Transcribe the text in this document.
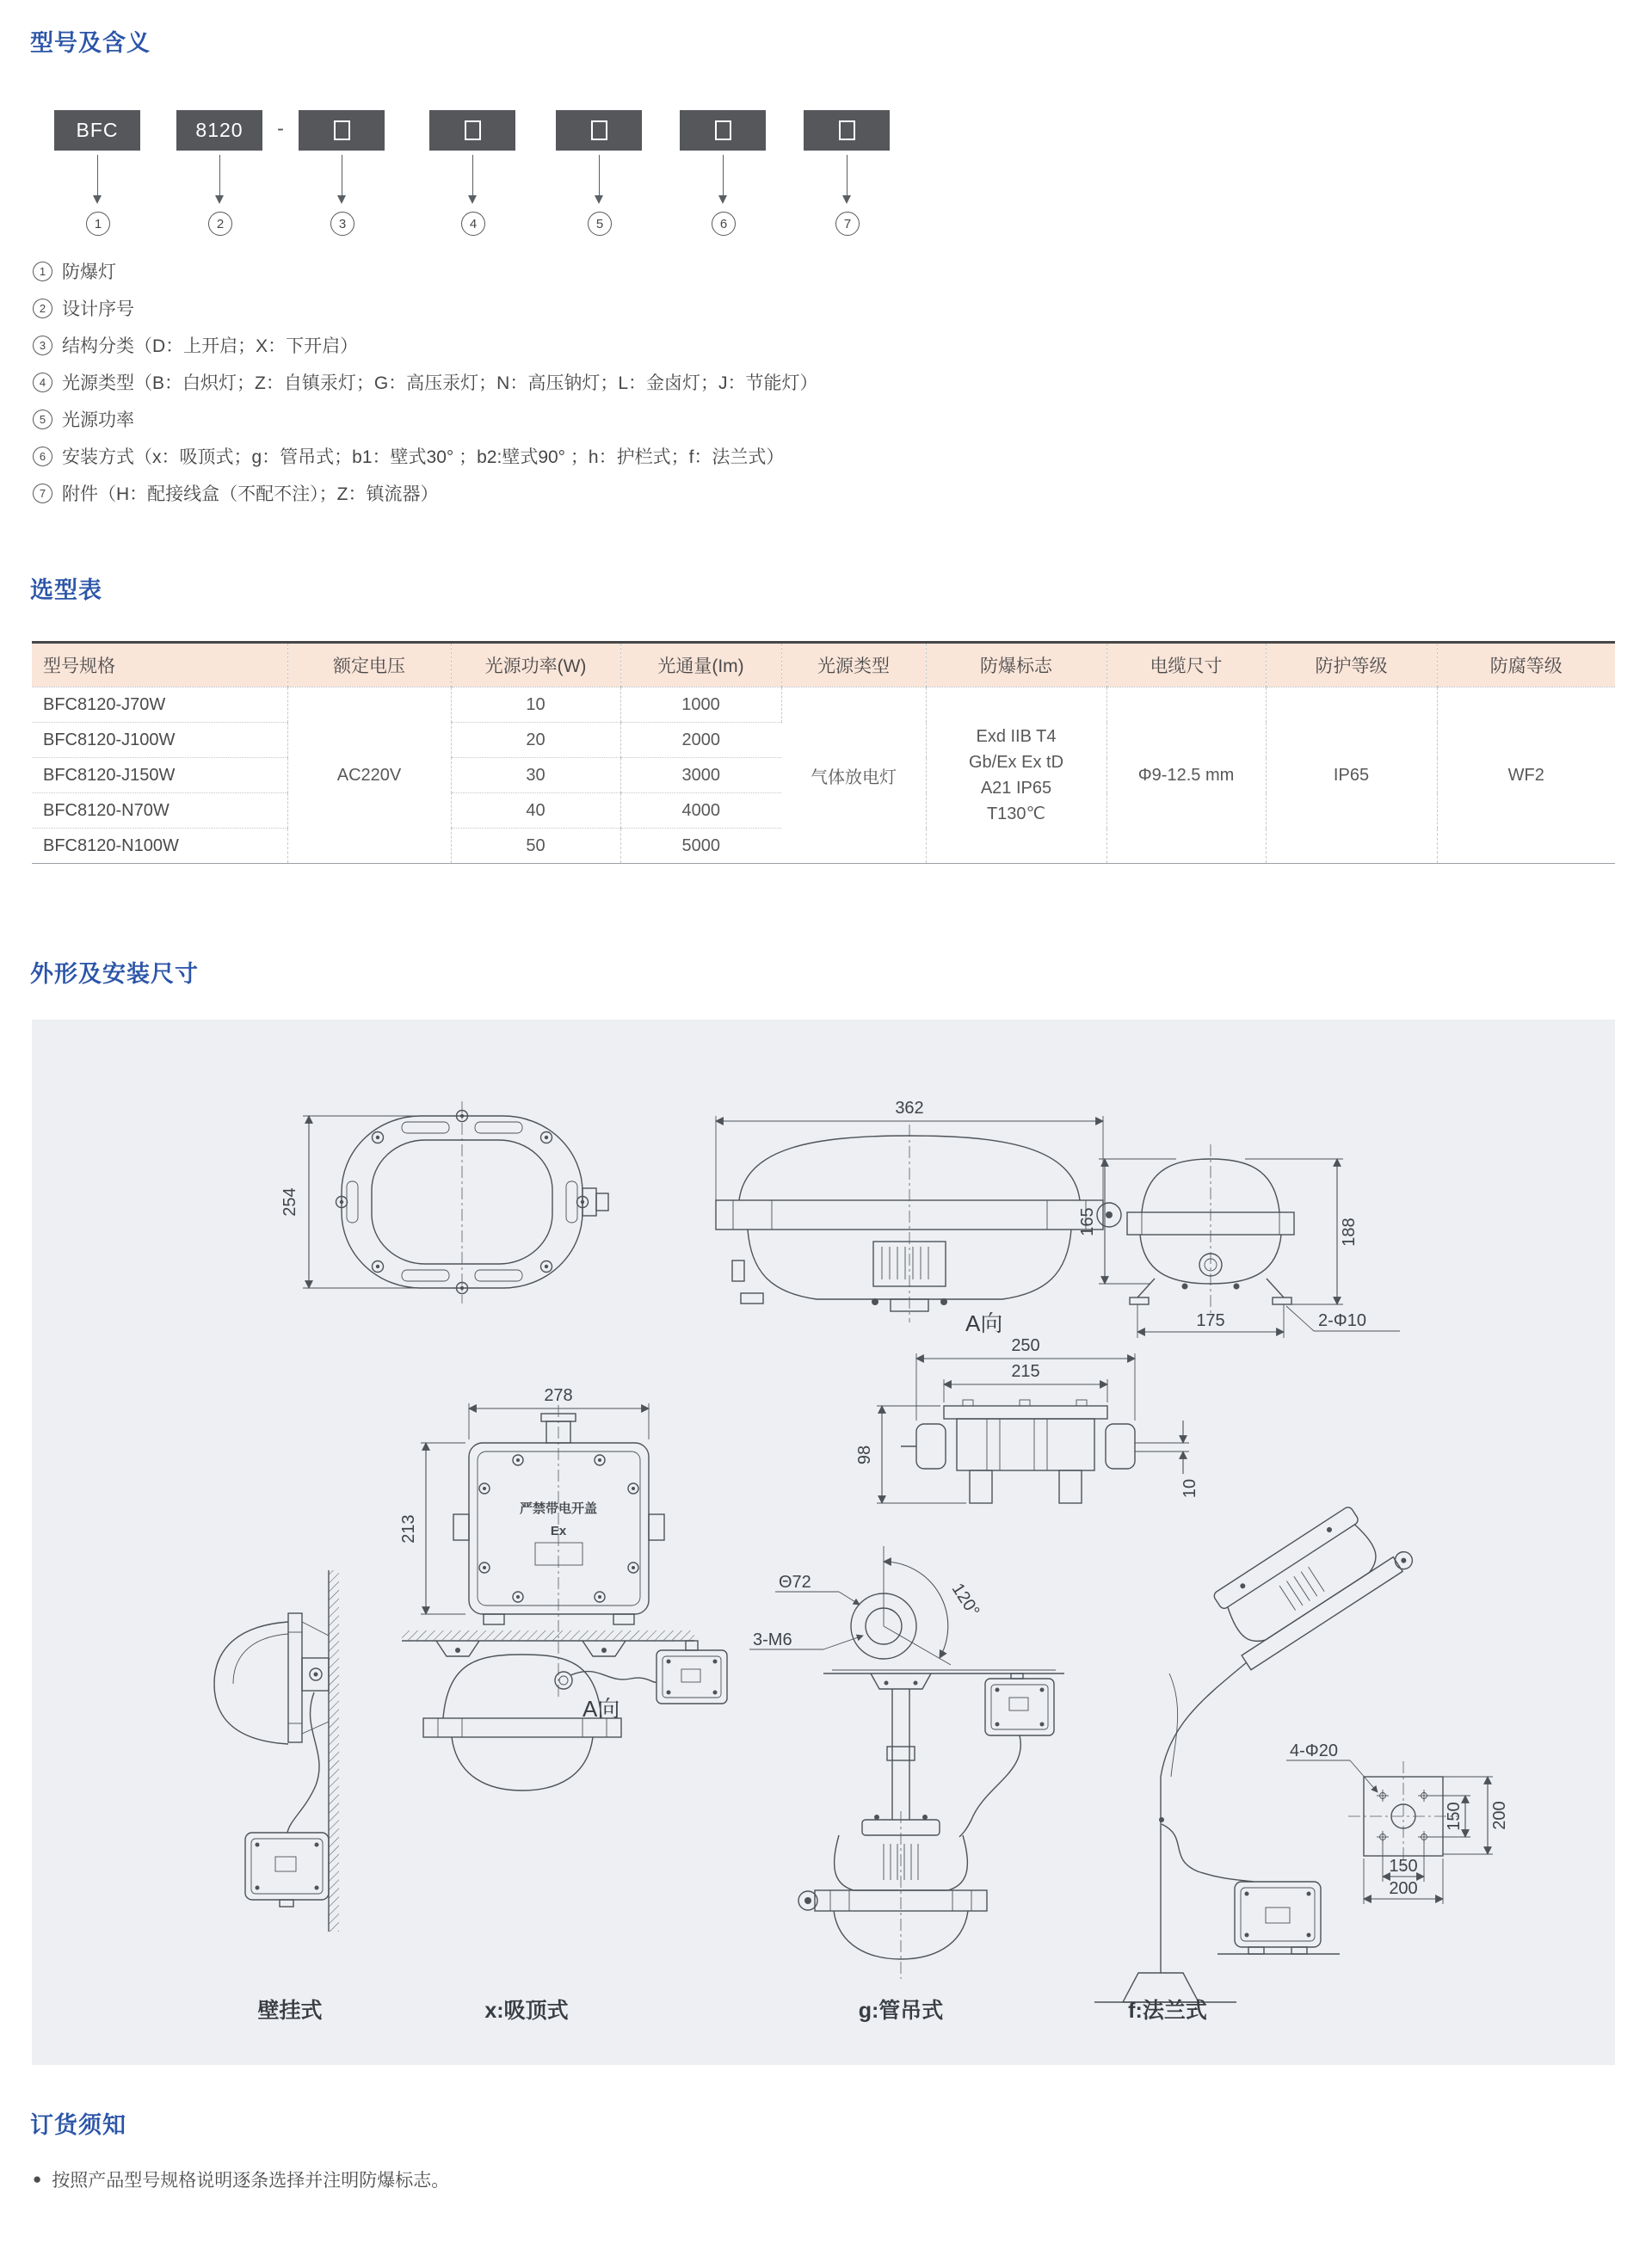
型号及含义
BFC	8120 -
1	2	3	4	5	6	7
1 防爆灯
2 设计序号
3 结构分类（D：上开启；X：下开启）
4 光源类型（B：白炽灯；Z：自镇汞灯；G：高压汞灯；N：高压钠灯；L：金卤灯；J：节能灯）
5 光源功率
6 安装方式（x：吸顶式；g：管吊式；b1：壁式30° ；b2:壁式90° ；h：护栏式；f：法兰式）
7 附件（H：配接线盒（不配不注）；Z：镇流器）
选型表
型号规格	额定电压	光源功率(W)	光通量(Im)	光源类型	防爆标志	电缆尺寸	防护等级	防腐等级
BFC8120-J70W	AC220V	10	1000	气体放电灯	Exd IIB T4
Gb/Ex Ex tD
A21 IP65
T130℃	Φ9-12.5 mm	IP65	WF2
BFC8120-J100W		20	2000					
BFC8120-J150W		30	3000					
BFC8120-N70W		40	4000					
BFC8120-N100W		50	5000					
外形及安装尺寸
254
362
A向
165	188
175	2-Φ10
278
213
严禁带电开盖
Ex
A向
250
215
10
98
120°
Θ72
3-M6
壁挂式	x:吸顶式	g:管吊式	f:法兰式
4-Φ20
150 200
150
200
订货须知
● 按照产品型号规格说明逐条选择并注明防爆标志。
